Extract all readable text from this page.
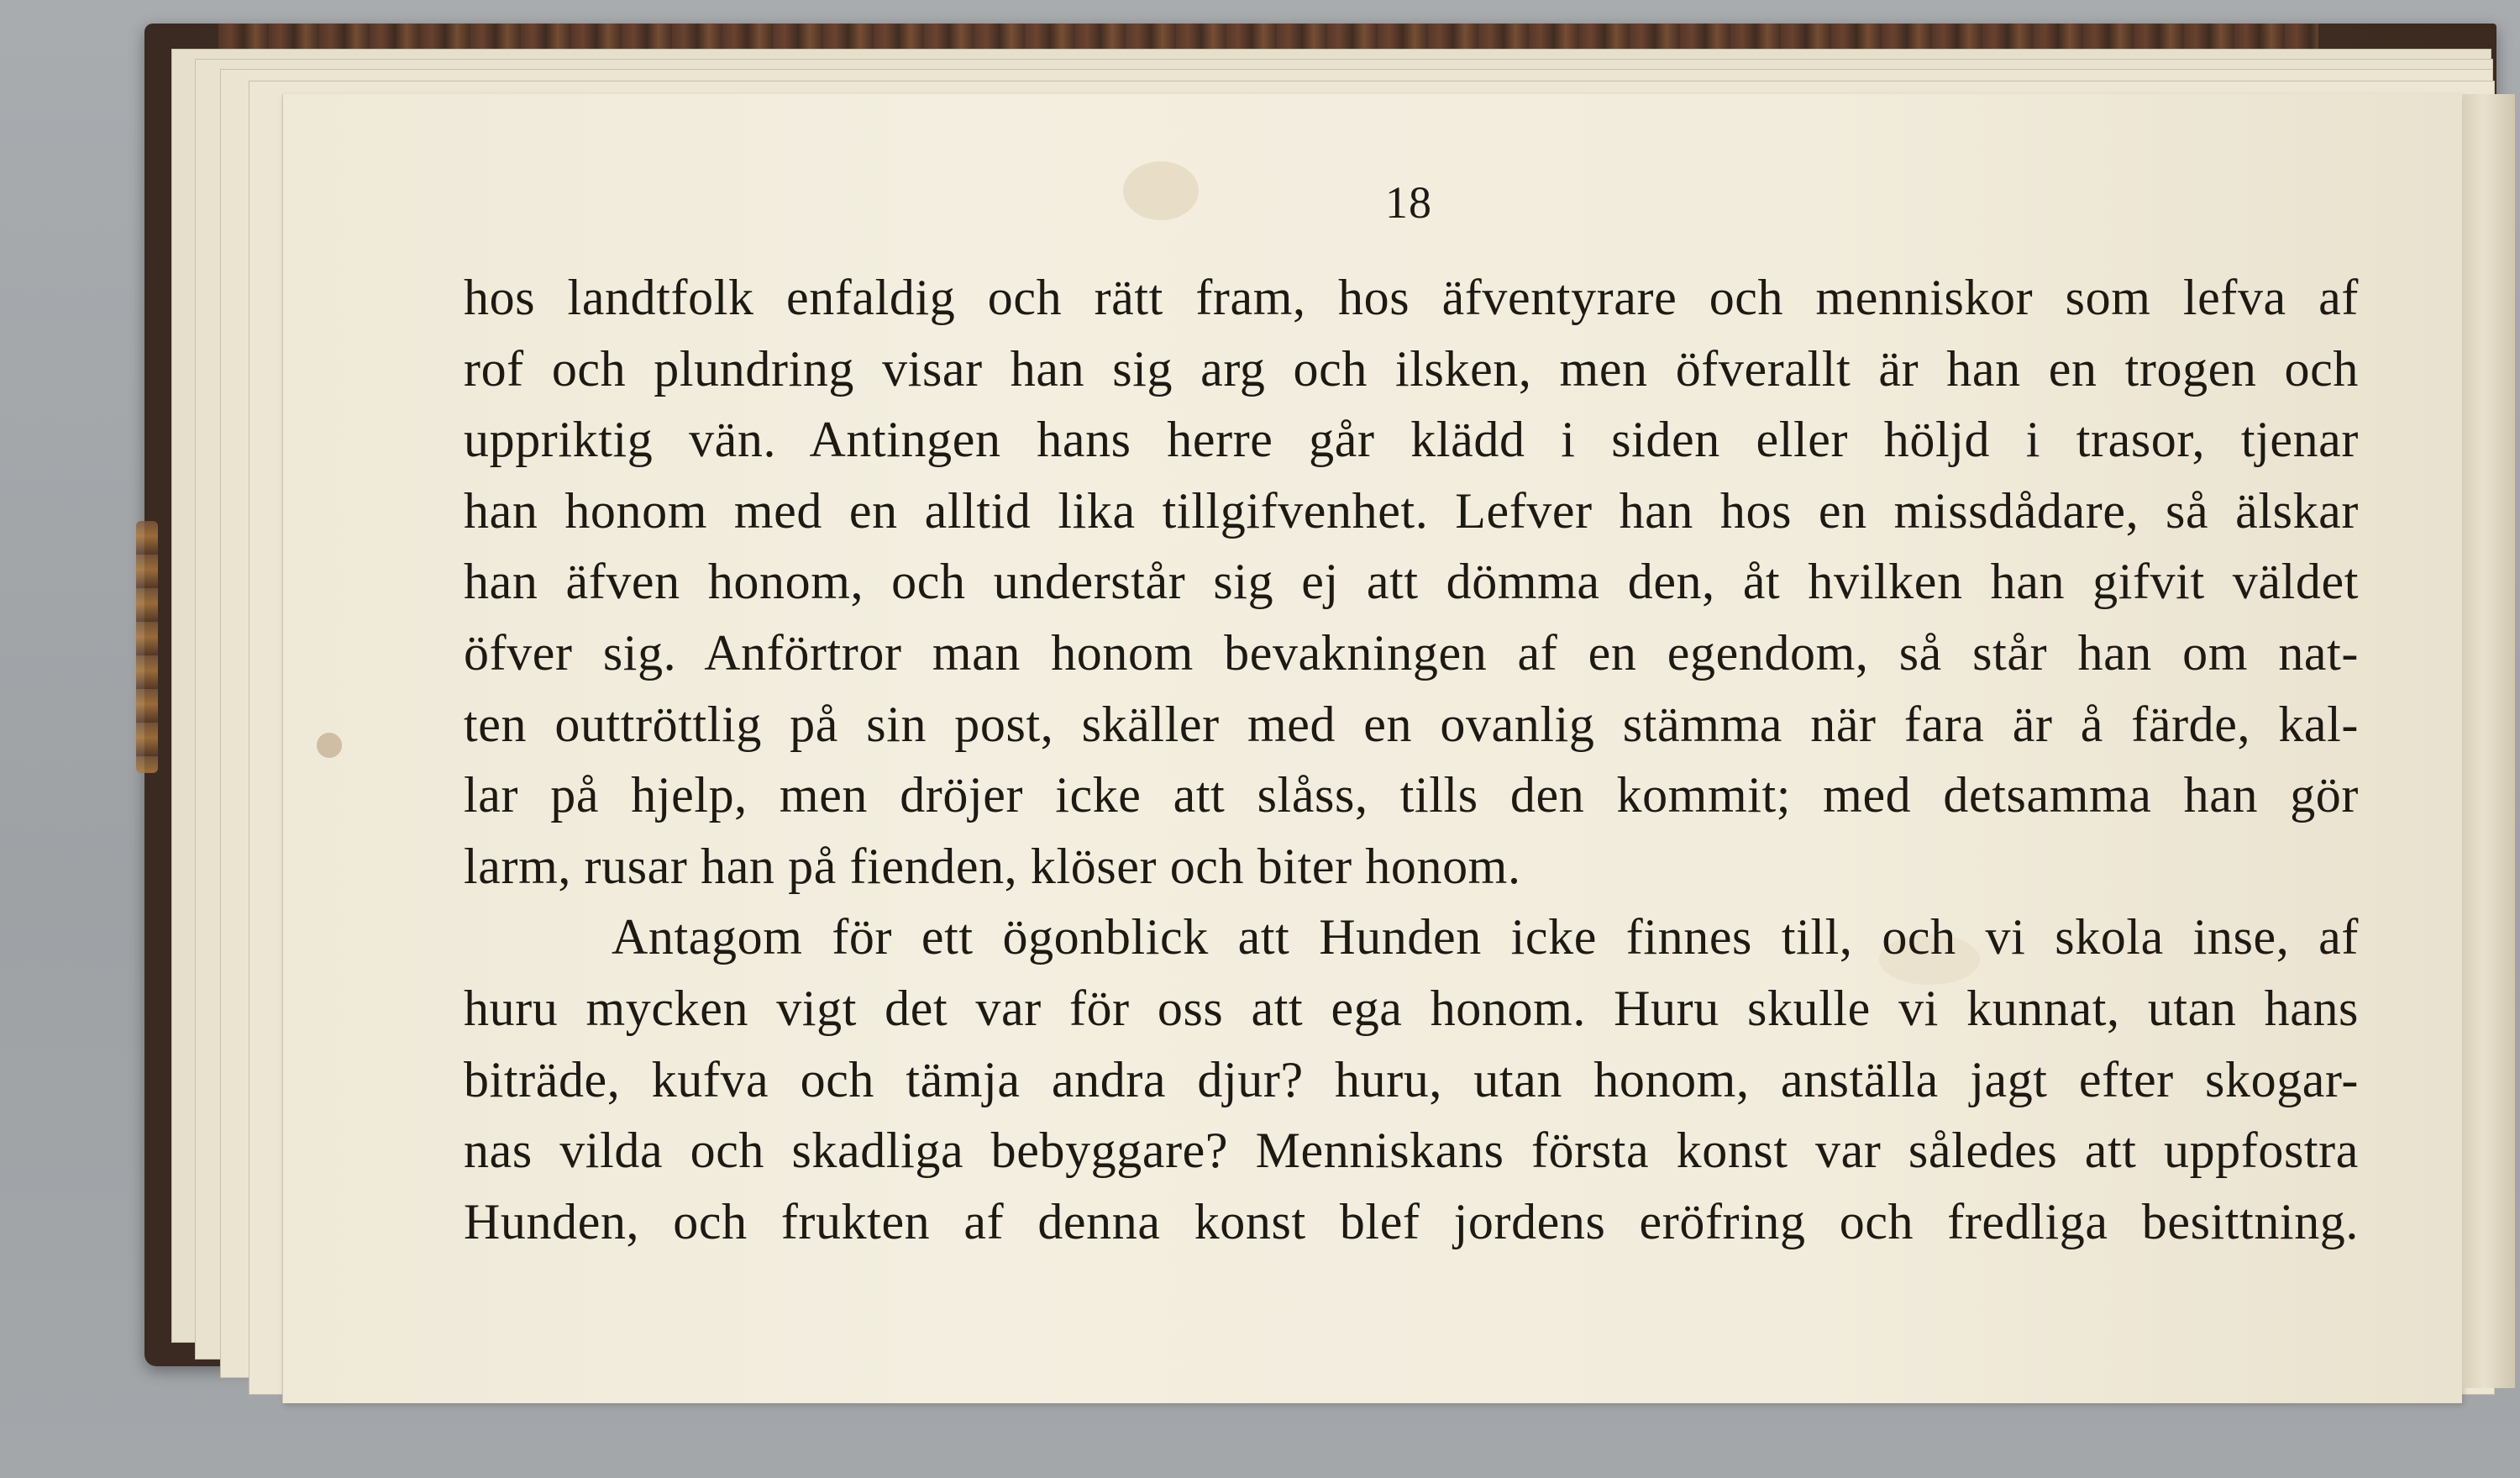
18
hos landtfolk enfaldig och rätt fram, hos äfventyrare och menniskor som lefva af
rof och plundring visar han sig arg och ilsken, men öfverallt är han en trogen och
uppriktig vän. Antingen hans herre går klädd i siden eller höljd i trasor, tjenar
han honom med en alltid lika tillgifvenhet. Lefver han hos en missdådare, så älskar
han äfven honom, och understår sig ej att dömma den, åt hvilken han gifvit väldet
öfver sig. Anförtror man honom bevakningen af en egendom, så står han om nat-
ten outtröttlig på sin post, skäller med en ovanlig stämma när fara är å färde, kal-
lar på hjelp, men dröjer icke att slåss, tills den kommit; med detsamma han gör
larm, rusar han på fienden, klöser och biter honom.
Antagom för ett ögonblick att Hunden icke finnes till, och vi skola inse, af
huru mycken vigt det var för oss att ega honom. Huru skulle vi kunnat, utan hans
biträde, kufva och tämja andra djur? huru, utan honom, anställa jagt efter skogar-
nas vilda och skadliga bebyggare? Menniskans första konst var således att uppfostra
Hunden, och frukten af denna konst blef jordens eröfring och fredliga besittning.
